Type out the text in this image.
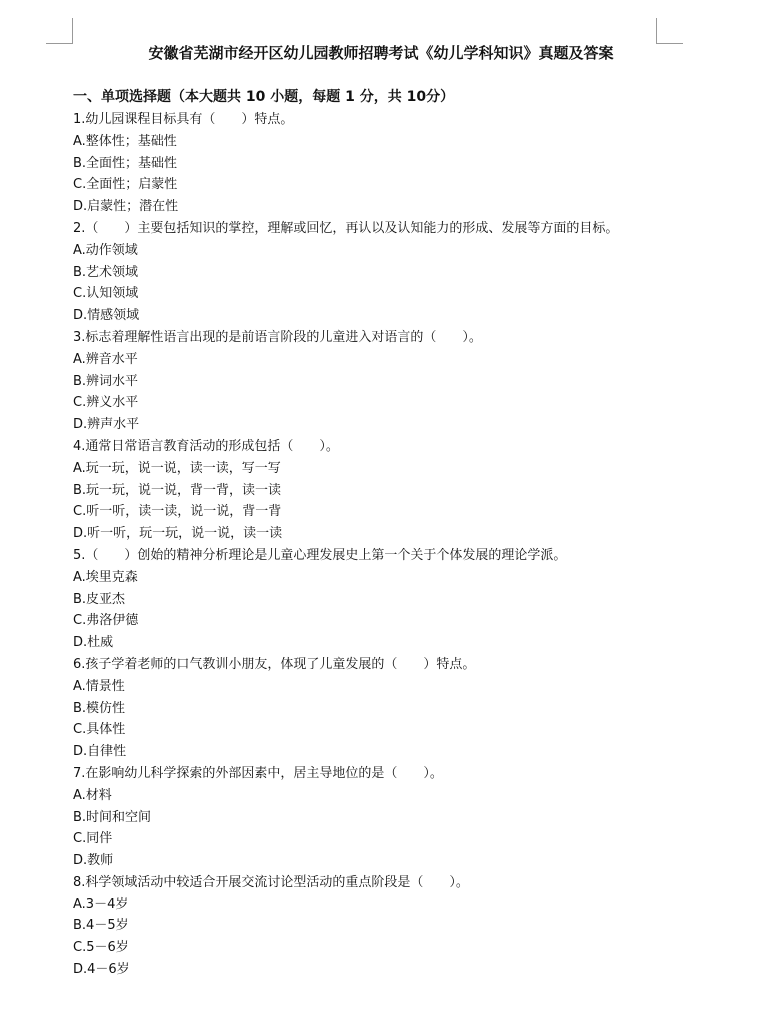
安徽省芜湖市经开区幼儿园教师招聘考试《幼儿学科知识》真题及答案
一、单项选择题（本大题共 10 小题，每题 1 分，共 10分）
1.幼儿园课程目标具有（　　）特点。
A.整体性；基础性
B.全面性；基础性
C.全面性；启蒙性
D.启蒙性；潜在性
2.（　　）主要包括知识的掌控，理解或回忆，再认以及认知能力的形成、发展等方面的目标。
A.动作领域
B.艺术领域
C.认知领域
D.情感领域
3.标志着理解性语言出现的是前语言阶段的儿童进入对语言的（　　）。
A.辨音水平
B.辨词水平
C.辨义水平
D.辨声水平
4.通常日常语言教育活动的形成包括（　　）。
A.玩一玩，说一说，读一读，写一写
B.玩一玩，说一说，背一背，读一读
C.听一听，读一读，说一说，背一背
D.听一听，玩一玩，说一说，读一读
5.（　　）创始的精神分析理论是儿童心理发展史上第一个关于个体发展的理论学派。
A.埃里克森
B.皮亚杰
C.弗洛伊德
D.杜威
6.孩子学着老师的口气教训小朋友，体现了儿童发展的（　　）特点。
A.情景性
B.模仿性
C.具体性
D.自律性
7.在影响幼儿科学探索的外部因素中，居主导地位的是（　　）。
A.材料
B.时间和空间
C.同伴
D.教师
8.科学领域活动中较适合开展交流讨论型活动的重点阶段是（　　）。
A.3－4岁
B.4－5岁
C.5－6岁
D.4－6岁
